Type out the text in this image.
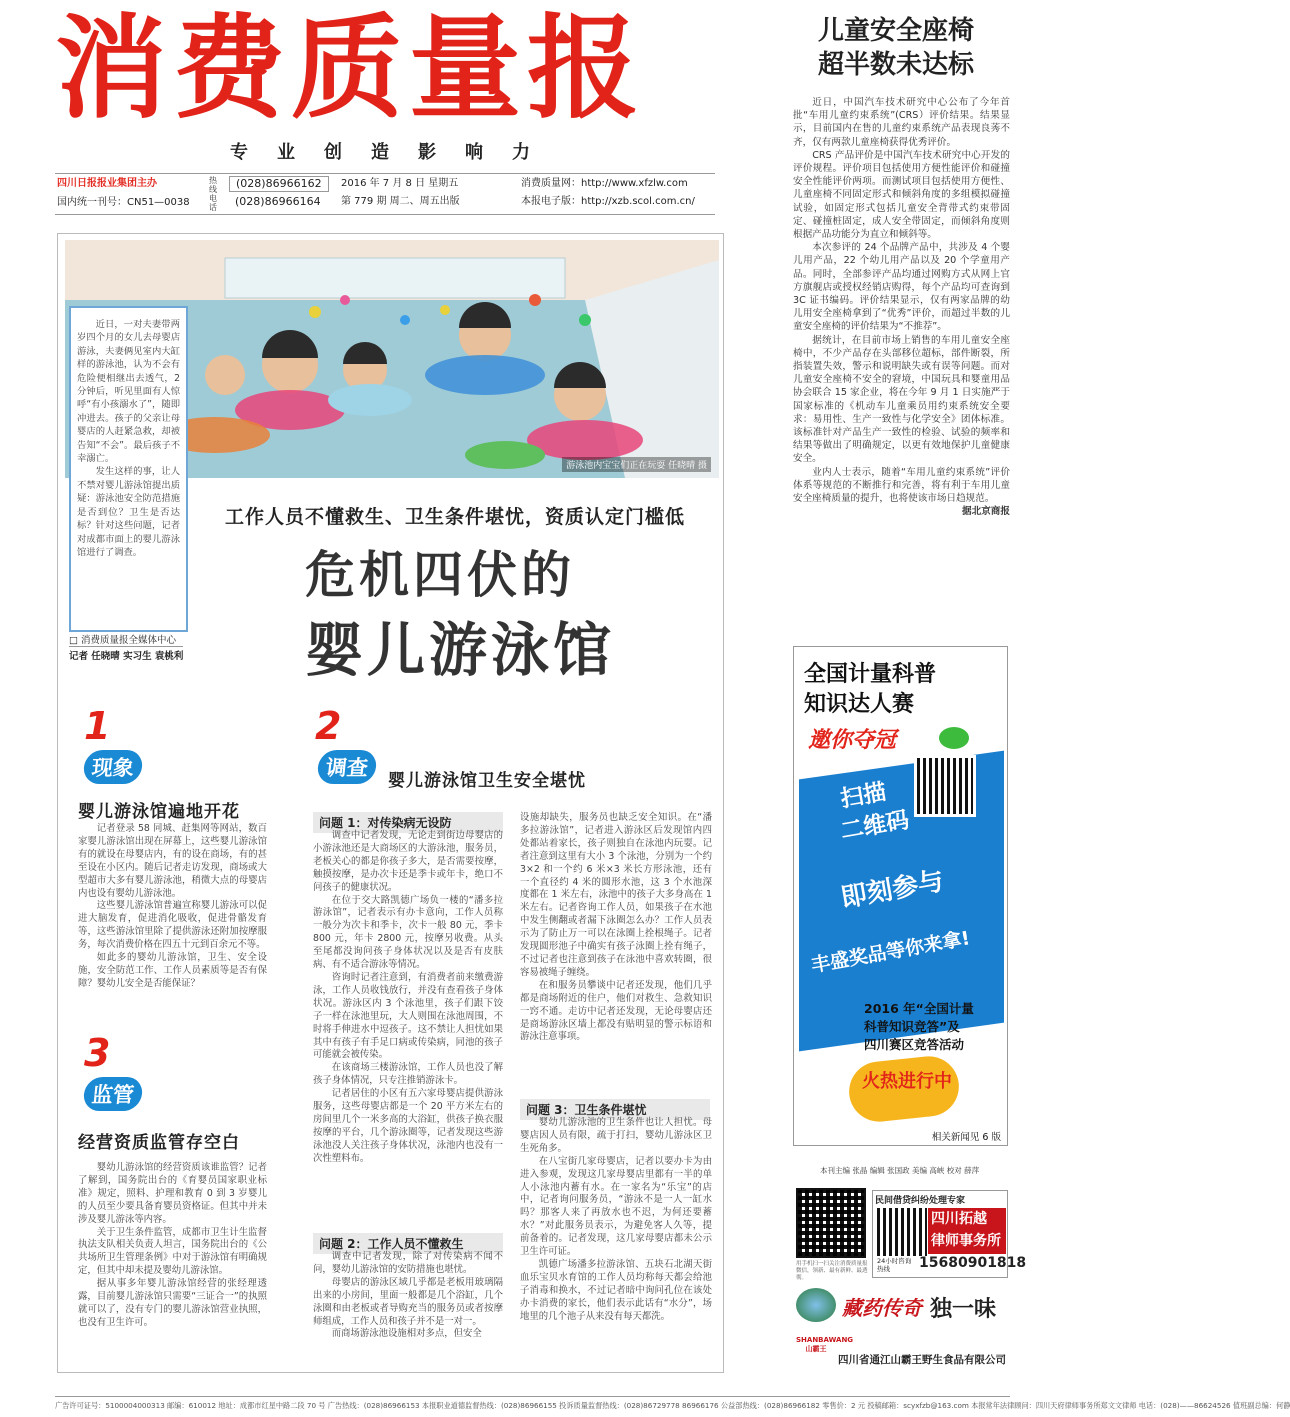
消费质量报
专业创造影响力
四川日报报业集团主办
国内统一刊号：CN51—0038
热线电话
(028)86966162
(028)86966164
2016 年 7 月 8 日 星期五
第 779 期 周二、周五出版
消费质量网：http://www.xfzlw.com
本报电子版：http://xzb.scol.com.cn/
儿童安全座椅
超半数未达标

近日，中国汽车技术研究中心公布了今年首批“车用儿童约束系统”(CRS）评价结果。结果显示，目前国内在售的儿童约束系统产品表现良莠不齐，仅有两款儿童座椅获得优秀评价。

CRS 产品评价是中国汽车技术研究中心开发的评价规程。评价项目包括使用方便性能评价和碰撞安全性能评价两项。而测试项目包括使用方便性、儿童座椅不同固定形式和倾斜角度的多组模拟碰撞试验，如固定形式包括儿童安全背带式约束带固定、碰撞桩固定，成人安全带固定，而倾斜角度则根据产品功能分为直立和倾斜等。

本次参评的 24 个品牌产品中，共涉及 4 个婴儿用产品，22 个幼儿用产品以及 20 个学童用产品。同时，全部参评产品均通过网购方式从网上官方旗舰店或授权经销店购得，每个产品均可查询到 3C 证书编码。评价结果显示，仅有两家品牌的幼儿用安全座椅拿到了“优秀”评价，而超过半数的儿童安全座椅的评价结果为“不推荐”。

据统计，在目前市场上销售的车用儿童安全座椅中，不少产品存在头部移位超标，部件断裂，所指装置失效，警示和说明缺失或有误等问题。而对儿童安全座椅不安全的窘境，中国玩具和婴童用品协会联合 15 家企业，将在今年 9 月 1 日实施严于国家标准的《机动车儿童乘员用约束系统安全要求：易用性、生产一致性与化学安全》团体标准。该标准针对产品生产一致性的检验、试验的频率和结果等做出了明确规定，以更有效地保护儿童健康安全。

业内人士表示，随着“车用儿童约束系统”评价体系等规范的不断推行和完善，将有利于车用儿童安全座椅质量的提升，也将使该市场日趋规范。

据北京商报

游泳池内宝宝们正在玩耍 任晓晴 摄

近日，一对夫妻带两岁四个月的女儿去母婴店游泳，夫妻俩见室内大缸样的游泳池，认为不会有危险便相继出去透气，2分钟后，听见里面有人惊呼“有小孩溺水了”，随即冲进去。孩子的父亲让母婴店的人赶紧急救，却被告知“不会”。最后孩子不幸溺亡。

发生这样的事，让人不禁对婴儿游泳馆提出质疑：游泳池安全防范措施是否到位？卫生是否达标？针对这些问题，记者对成都市面上的婴儿游泳馆进行了调查。

□ 消费质量报全媒体中心
记者 任晓晴 实习生 袁桃利
工作人员不懂救生、卫生条件堪忧，资质认定门槛低
危机四伏的
婴儿游泳馆
1
现象
婴儿游泳馆遍地开花

记者登录 58 同城、赶集网等网站，数百家婴儿游泳馆出现在屏幕上，这些婴儿游泳馆有的就设在母婴店内，有的设在商场，有的甚至设在小区内。随后记者走访发现，商场或大型超市大多有婴儿游泳池，稍微大点的母婴店内也设有婴幼儿游泳池。

这些婴儿游泳馆普遍宣称婴儿游泳可以促进大脑发育，促进消化吸收，促进骨骼发育等，这些游泳馆里除了提供游泳还附加按摩服务，每次消费价格在四五十元到百余元不等。

如此多的婴幼儿游泳馆，卫生、安全设施，安全防范工作、工作人员素质等是否有保障？婴幼儿安全是否能保证？

3
监管
经营资质监管存空白

婴幼儿游泳馆的经营资质该谁监管？记者了解到，国务院出台的《育婴员国家职业标准》规定，照料、护理和教育 0 到 3 岁婴儿的人员至少要具备育婴员资格证。但其中并未涉及婴儿游泳等内容。

关于卫生条件监管，成都市卫生计生监督执法支队相关负责人坦言，国务院出台的《公共场所卫生管理条例》中对于游泳馆有明确规定，但其中却未提及婴幼儿游泳馆。

据从事多年婴儿游泳馆经营的张经理透露，目前婴儿游泳馆只需要“三证合一”的执照就可以了，没有专门的婴儿游泳馆营业执照，也没有卫生许可。

2
调查
婴儿游泳馆卫生安全堪忧
问题 1：对传染病无设防

调查中记者发现，无论走到街边母婴店的小游泳池还是大商场区的大游泳池，服务员，老板关心的都是你孩子多大，是否需要按摩，触摸按摩，是办次卡还是季卡或年卡，绝口不问孩子的健康状况。

在位于交大路凯德广场负一楼的“潘多拉游泳馆”，记者表示有办卡意向，工作人员称一般分为次卡和季卡，次卡一般 80 元，季卡 800 元，年卡 2800 元，按摩另收费。从头至尾都没询问孩子身体状况以及是否有皮肤病、有不适合游泳等情况。

咨询时记者注意到，有消费者前来缴费游泳，工作人员收钱放行，并没有查看孩子身体状况。游泳区内 3 个泳池里，孩子们跟下饺子一样在泳池里玩，大人则围在泳池周围，不时将手伸进水中逗孩子。这不禁让人担忧如果其中有孩子有手足口病或传染病，同池的孩子可能就会被传染。

在该商场三楼游泳馆，工作人员也没了解孩子身体情况，只专注推销游泳卡。

记者居住的小区有五六家母婴店提供游泳服务，这些母婴店都是一个 20 平方米左右的房间里几个一米多高的大浴缸，供孩子换衣服按摩的平台，几个游泳圈等，记者发现这些游泳池没人关注孩子身体状况，泳池内也没有一次性塑料布。

问题 2：工作人员不懂救生

调查中记者发现，除了对传染病不闻不问，婴幼儿游泳馆的安防措施也堪忧。

母婴店的游泳区域几乎都是老板用玻璃隔出来的小房间，里面一般都是几个浴缸，几个泳圈和由老板或者导购充当的服务员或者按摩师组成，工作人员和孩子并不是一对一。

而商场游泳池设施相对多点，但安全

设施却缺失，服务员也缺乏安全知识。在“潘多拉游泳馆”，记者进入游泳区后发现馆内四处都站着家长，孩子则独自在泳池内玩耍。记者注意到这里有大小 3 个泳池，分别为一个约 3×2 和一个约 6 米×3 米长方形泳池，还有一个直径约 4 米的圆形水池，这 3 个水池深度都在 1 米左右，泳池中的孩子大多身高在 1 米左右。记者咨询工作人员，如果孩子在水池中发生侧翻或者漏下泳圈怎么办？工作人员表示为了防止万一可以在泳圈上拴根绳子。记者发现圆形池子中确实有孩子泳圈上拴有绳子，不过记者也注意到孩子在泳池中喜欢转圈，很容易被绳子缠绕。

在和服务员攀谈中记者还发现，他们几乎都是商场附近的住户，他们对救生、急救知识一窍不通。走访中记者还发现，无论母婴店还是商场游泳区墙上都没有贴明显的警示标语和游泳注意事项。

问题 3：卫生条件堪忧

婴幼儿游泳池的卫生条件也让人担忧。母婴店因人员有限，疏于打扫，婴幼儿游泳区卫生死角多。

在八宝街几家母婴店，记者以要办卡为由进入参观，发现这几家母婴店里都有一半的单人小泳池内蓄有水。在一家名为“乐宝”的店中，记者询问服务员，“游泳不是一人一缸水吗？那客人来了再放水也不迟，为何还要蓄水？”对此服务员表示，为避免客人久等，提前备着的。记者发现，这几家母婴店都未公示卫生许可证。

凯德广场潘多拉游泳馆、五块石北湖天街血乐宝贝水育馆的工作人员均称每天都会给池子消毒和换水，不过记者暗中询问孔位在该处办卡消费的家长，他们表示此话有“水分”，场地里的几个池子从来没有每天都洗。

全国计量科普
知识达人赛
邀你夺冠
扫描
二维码
即刻参与
丰盛奖品等你来拿!
2016 年“全国计量
科普知识竞答”及
四川赛区竞答活动
火热进行中
相关新闻见 6 版
本刊主编 张晶 编辑 张国政 美编 高峡 校对 薛萍
用手机扫一扫关注消费质量报微信，领新、最有新鲜、最透彻。
民间借贷纠纷处理专家
四川拓越
律师事务所
24小时咨询热线	15680901818
藏药传奇 独一味
SHANBAWANG 山霸王
四川省通江山霸王野生食品有限公司
广告许可证号：5100004000313 邮编：610012 地址：成都市红星中路二段 70 号 广告热线：(028)86966153 本报职业道德监督热线：(028)86966155 投诉质量监督热线：(028)86729778 86966176 公益部热线：(028)86966182 零售价：2 元 投稿邮箱：scyxfzb@163.com 本报常年法律顾问：四川天府律师事务所郑文文律师 电话：(028)——86624526 值班副总编：何静
